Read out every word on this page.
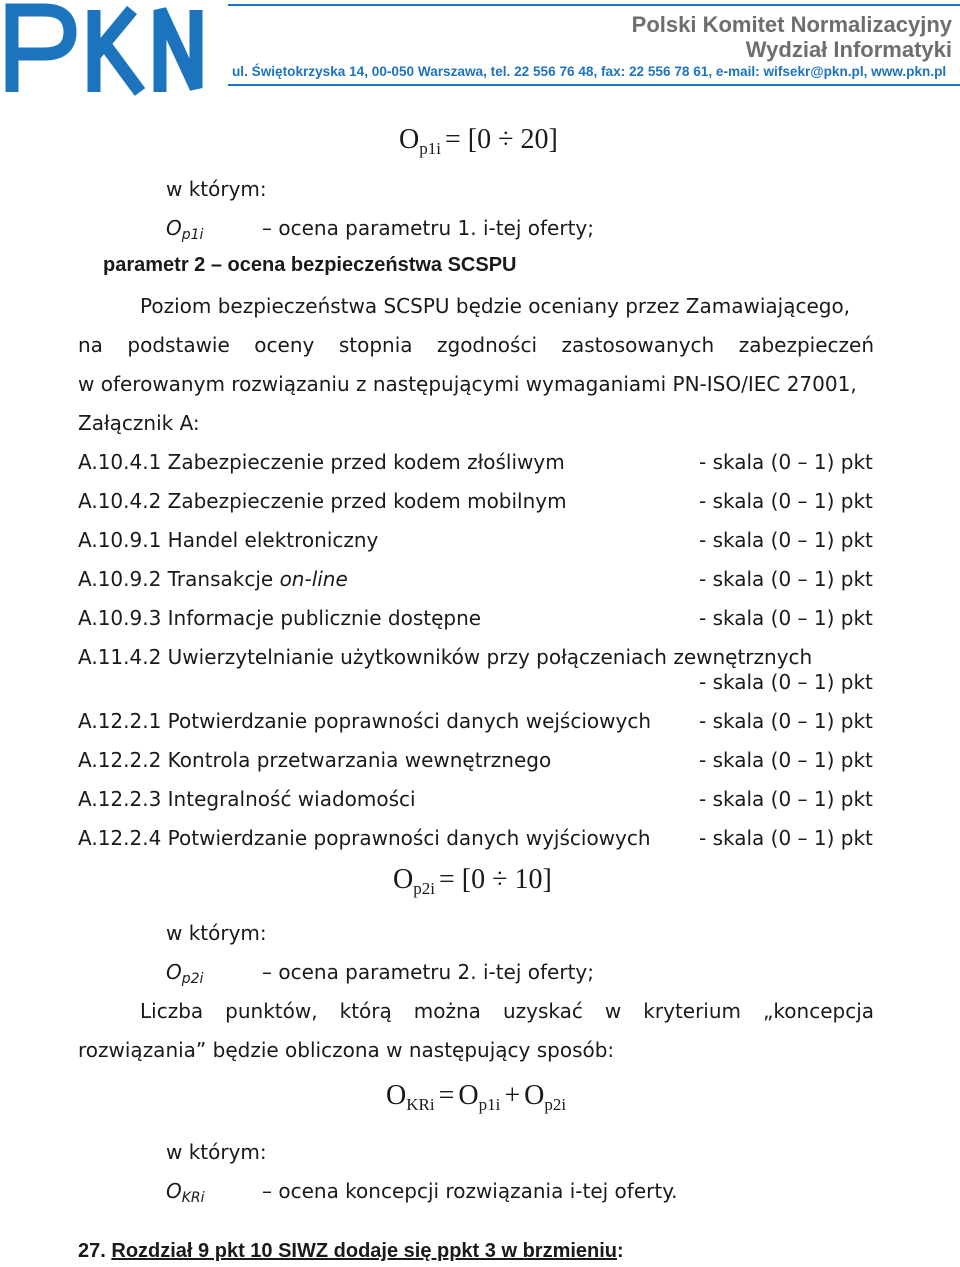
Polski Komitet Normalizacyjny
Wydział Informatyki
ul. Świętokrzyska 14, 00-050 Warszawa, tel. 22 556 76 48, fax: 22 556 78 61, e-mail: wifsekr@pkn.pl, www.pkn.pl
$O_{p1i} = [0 \div 20]$
w którym:
$O_{p1i}$	– ocena parametru 1. i-tej oferty;
parametr 2 – ocena bezpieczeństwa SCSPU
Poziom bezpieczeństwa SCSPU będzie oceniany przez Zamawiającego,
na podstawie oceny stopnia zgodności zastosowanych zabezpieczeń
w oferowanym rozwiązaniu z następującymi wymaganiami PN-ISO/IEC 27001,
Załącznik A:
A.10.4.1 Zabezpieczenie przed kodem złośliwym	- skala (0 – 1) pkt
A.10.4.2 Zabezpieczenie przed kodem mobilnym	- skala (0 – 1) pkt
A.10.9.1 Handel elektroniczny	- skala (0 – 1) pkt
A.10.9.2 Transakcje on-line	- skala (0 – 1) pkt
A.10.9.3 Informacje publicznie dostępne	- skala (0 – 1) pkt
A.11.4.2 Uwierzytelnianie użytkowników przy połączeniach zewnętrznych
- skala (0 – 1) pkt
A.12.2.1 Potwierdzanie poprawności danych wejściowych - skala (0 – 1) pkt
A.12.2.2 Kontrola przetwarzania wewnętrznego	- skala (0 – 1) pkt
A.12.2.3 Integralność wiadomości	- skala (0 – 1) pkt
A.12.2.4 Potwierdzanie poprawności danych wyjściowych - skala (0 – 1) pkt
$O_{p2i} = [0 \div 10]$
w którym:
$O_{p2i}$	– ocena parametru 2. i-tej oferty;
Liczba punktów, którą można uzyskać w kryterium „koncepcja
rozwiązania” będzie obliczona w następujący sposób:
$O_{KRi} = O_{p1i} + O_{p2i}$
w którym:
$O_{KRi}$	– ocena koncepcji rozwiązania i-tej oferty.
27. Rozdział 9 pkt 10 SIWZ dodaje się ppkt 3 w brzmieniu:
